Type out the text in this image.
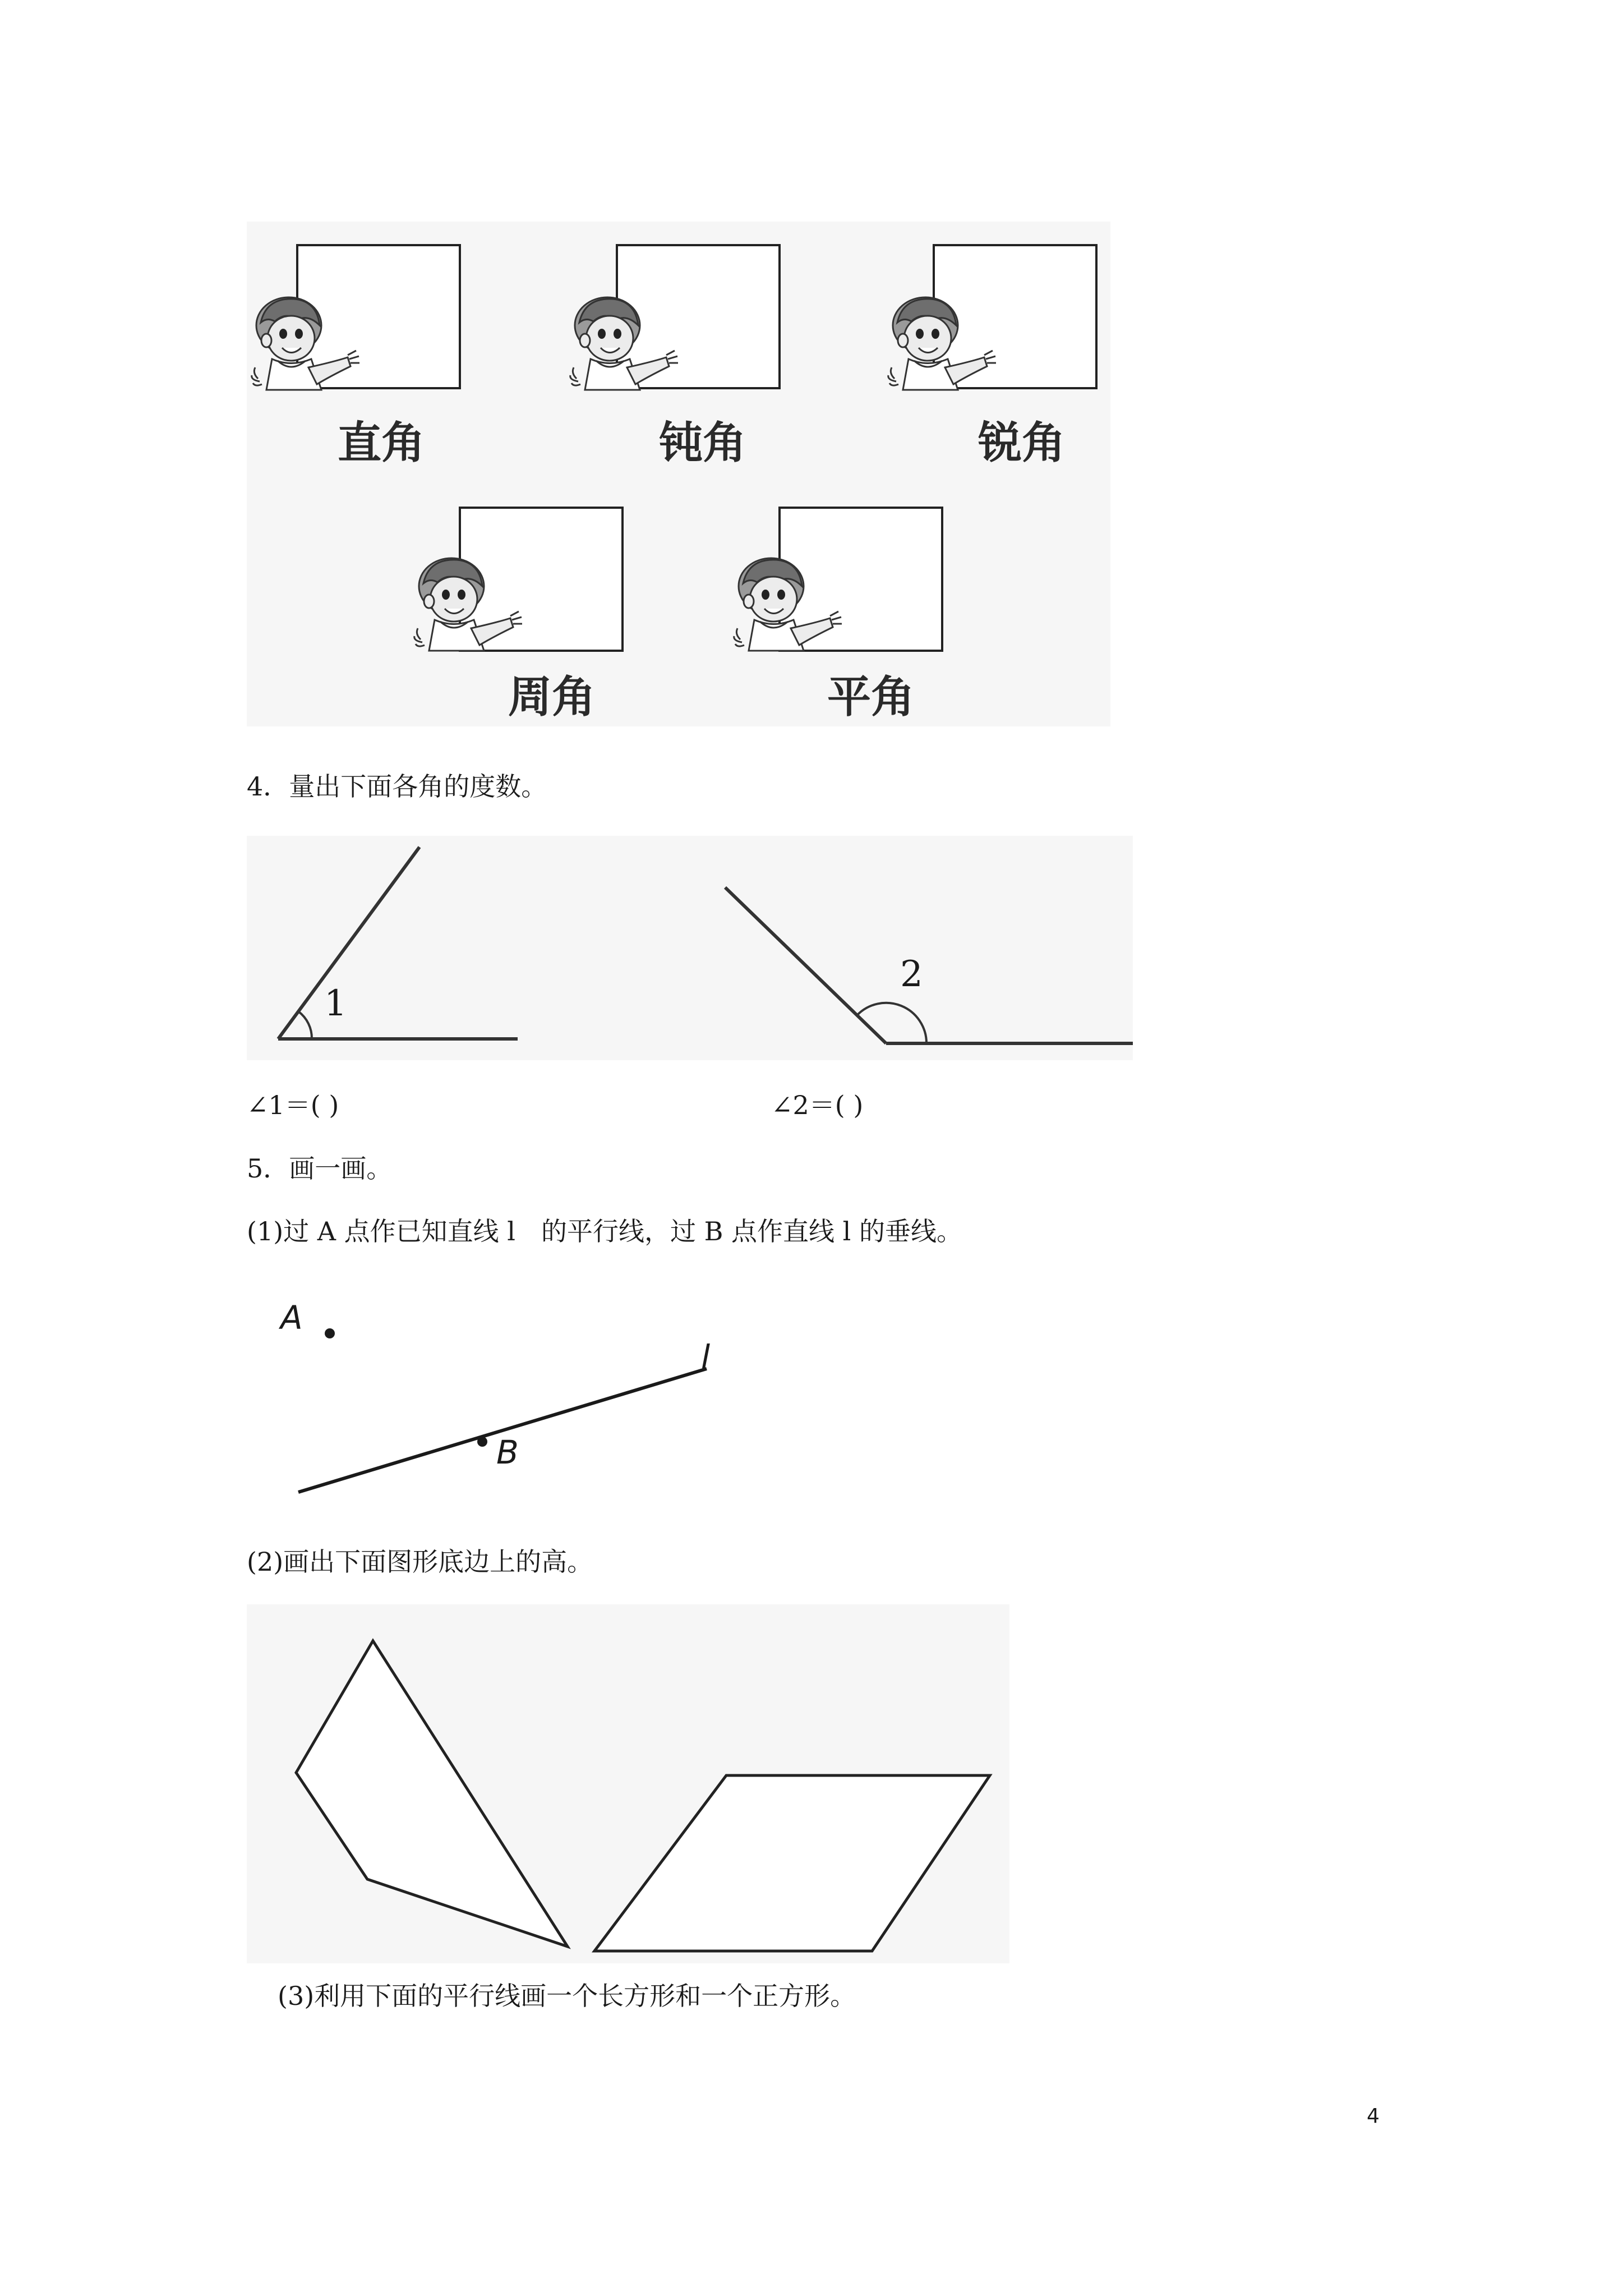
直角	钝角	锐角
周角	平角
4．量出下面各角的度数。
1
2
∠1＝( )	∠2＝( )
5．画一画。
(1)过 A 点作已知直线 l　的平行线，过 B 点作直线 l 的垂线。
A
B
l
(2)画出下面图形底边上的高。
(3)利用下面的平行线画一个长方形和一个正方形。
4
